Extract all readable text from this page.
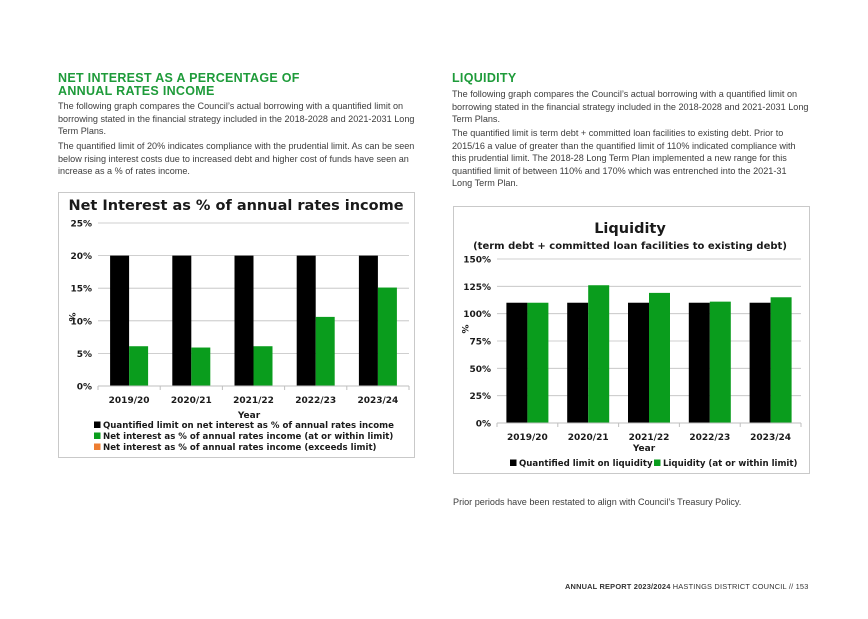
NET INTEREST AS A PERCENTAGE OF
ANNUAL RATES INCOME
The following graph compares the Council’s actual borrowing with a quantified limit on
borrowing stated in the financial strategy included in the 2018-2028 and 2021-2031 Long
Term Plans.
The quantified limit of 20% indicates compliance with the prudential limit. As can be seen
below rising interest costs due to increased debt and higher cost of funds have seen an
increase as a % of rates income.
Net Interest as % of annual rates income
0%
5%
10%
15%
20%
25%
%
2019/20 2020/21 2021/22 2022/23 2023/24
Year
Quantified limit on net interest as % of annual rates income
Net interest as % of annual rates income (at or within limit)
Net interest as % of annual rates income (exceeds limit)
LIQUIDITY
The following graph compares the Council’s actual borrowing with a quantified limit on
borrowing stated in the financial strategy included in the 2018-2028 and 2021-2031 Long
Term Plans.
The quantified limit is term debt + committed loan facilities to existing debt. Prior to
2015/16 a value of greater than the quantified limit of 110% indicated compliance with
this prudential limit. The 2018-28 Long Term Plan implemented a new range for this
quantified limit of between 110% and 170% which was entrenched into the 2021-31
Long Term Plan.
Liquidity
(term debt + committed loan facilities to existing debt)
0%
25%
50%
75%
100%
125%
150%
%
2019/20 2020/21 2021/22 2022/23 2023/24
Year
Quantified limit on liquidity Liquidity (at or within limit)
Prior periods have been restated to align with Council’s Treasury Policy.
ANNUAL REPORT 2023/2024 HASTINGS DISTRICT COUNCIL // 153
